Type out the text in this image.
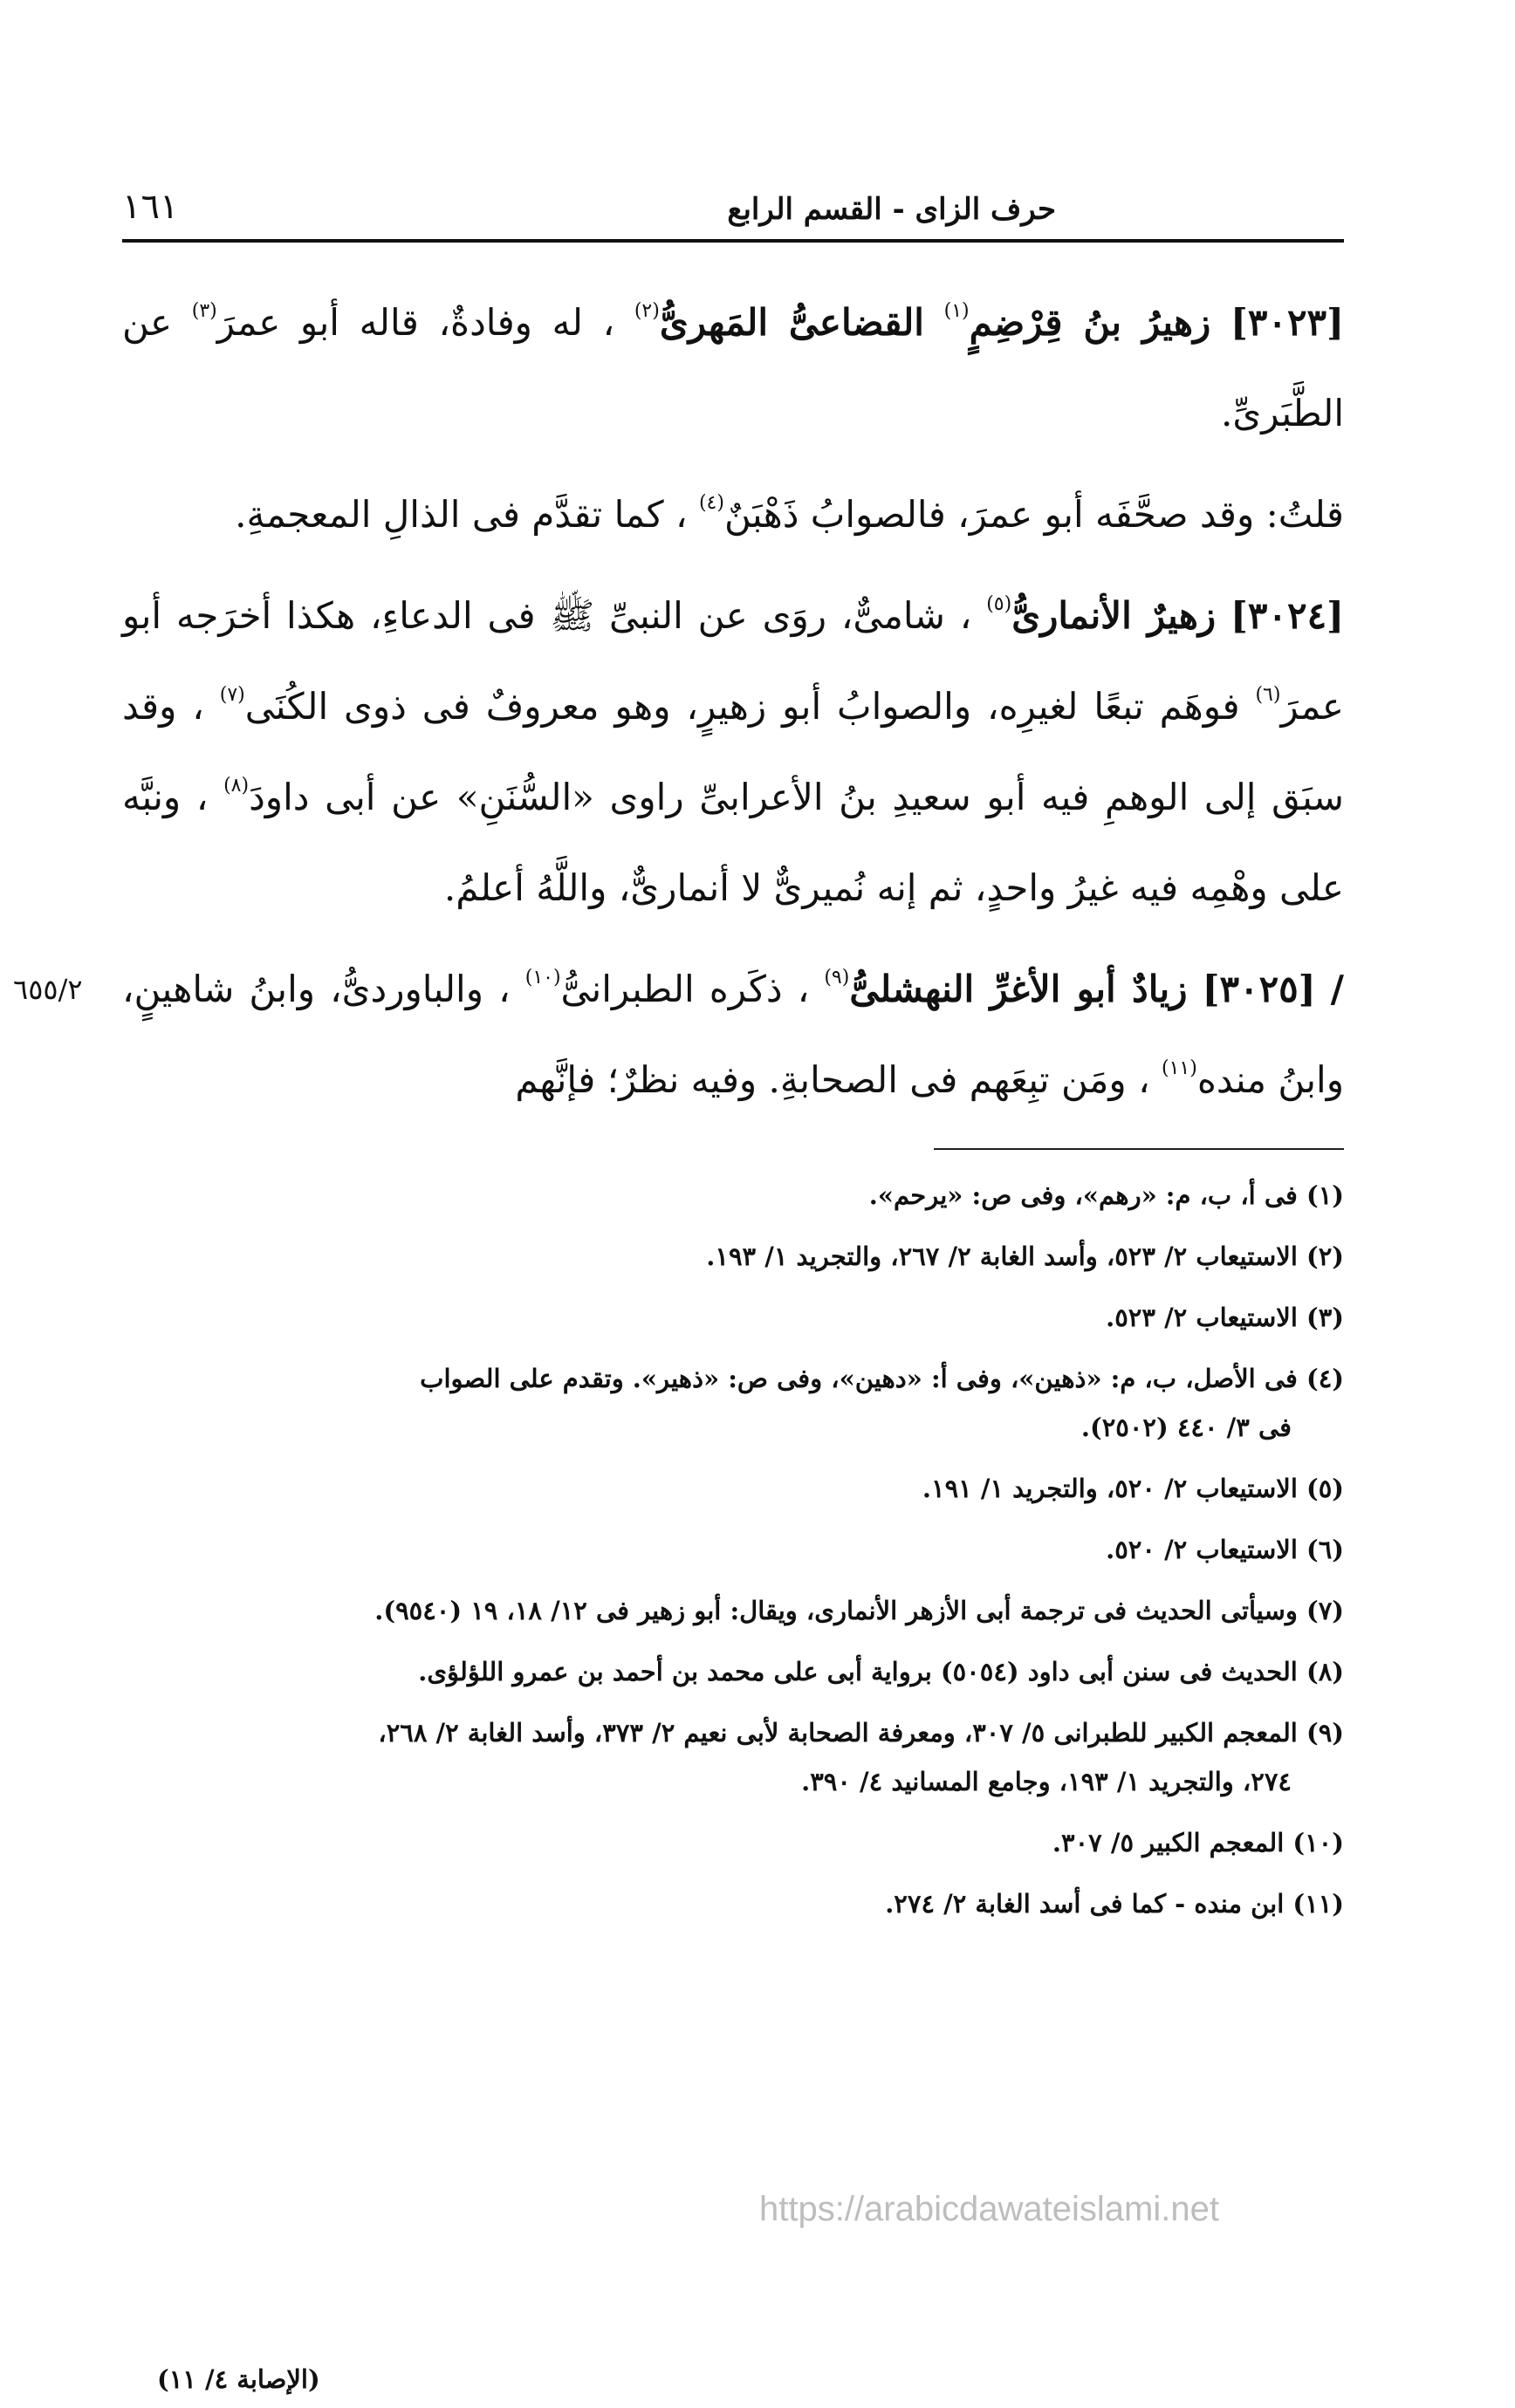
حرف الزاى - القسم الرابع
١٦١

[٣٠٢٣] زهيرُ بنُ قِرْضِمٍ$^{(١)}$ القضاعىُّ المَهرىُّ$^{(٢)}$ ، له وفادةٌ، قاله أبو عمرَ$^{(٣)}$ عن الطَّبَرىِّ.

قلتُ: وقد صحَّفَه أبو عمرَ، فالصوابُ ذَهْبَنٌ$^{(٤)}$ ، كما تقدَّم فى الذالِ المعجمةِ.

[٣٠٢٤] زهيرٌ الأنمارىُّ$^{(٥)}$ ، شامىٌّ، روَى عن النبىِّ ﷺ فى الدعاءِ، هكذا أخرَجه أبو عمرَ$^{(٦)}$ فوهَم تبعًا لغيرِه، والصوابُ أبو زهيرٍ، وهو معروفٌ فى ذوى الكُنَى$^{(٧)}$ ، وقد سبَق إلى الوهمِ فيه أبو سعيدِ بنُ الأعرابىِّ راوى «السُّنَنِ» عن أبى داودَ$^{(٨)}$ ، ونبَّه على وهْمِه فيه غيرُ واحدٍ، ثم إنه نُميرىٌّ لا أنمارىٌّ، واللَّهُ أعلمُ.

٦٥٥/٢	/ [٣٠٢٥] زيادٌ أبو الأغرِّ النهشلىُّ$^{(٩)}$ ، ذكَره الطبرانىُّ$^{(١٠)}$ ، والباوردىُّ، وابنُ شاهينٍ، وابنُ منده$^{(١١)}$ ، ومَن تبِعَهم فى الصحابةِ. وفيه نظرٌ؛ فإنَّهم

(١) فى أ، ب، م: «رهم»، وفى ص: «يرحم».
(٢) الاستيعاب ٢/ ٥٢٣، وأسد الغابة ٢/ ٢٦٧، والتجريد ١/ ١٩٣.
(٣) الاستيعاب ٢/ ٥٢٣.
(٤) فى الأصل، ب، م: «ذهين»، وفى أ: «دهين»، وفى ص: «ذهير». وتقدم على الصواب
فى ٣/ ٤٤٠ (٢٥٠٢).
(٥) الاستيعاب ٢/ ٥٢٠، والتجريد ١/ ١٩١.
(٦) الاستيعاب ٢/ ٥٢٠.
(٧) وسيأتى الحديث فى ترجمة أبى الأزهر الأنمارى، ويقال: أبو زهير فى ١٢/ ١٨، ١٩ (٩٥٤٠).
(٨) الحديث فى سنن أبى داود (٥٠٥٤) برواية أبى على محمد بن أحمد بن عمرو اللؤلؤى.
(٩) المعجم الكبير للطبرانى ٥/ ٣٠٧، ومعرفة الصحابة لأبى نعيم ٢/ ٣٧٣، وأسد الغابة ٢/ ٢٦٨،
٢٧٤، والتجريد ١/ ١٩٣، وجامع المسانيد ٤/ ٣٩٠.
(١٠) المعجم الكبير ٥/ ٣٠٧.
(١١) ابن منده - كما فى أسد الغابة ٢/ ٢٧٤.
(الإصابة ٤/ ١١)
https://arabicdawateislami.net
